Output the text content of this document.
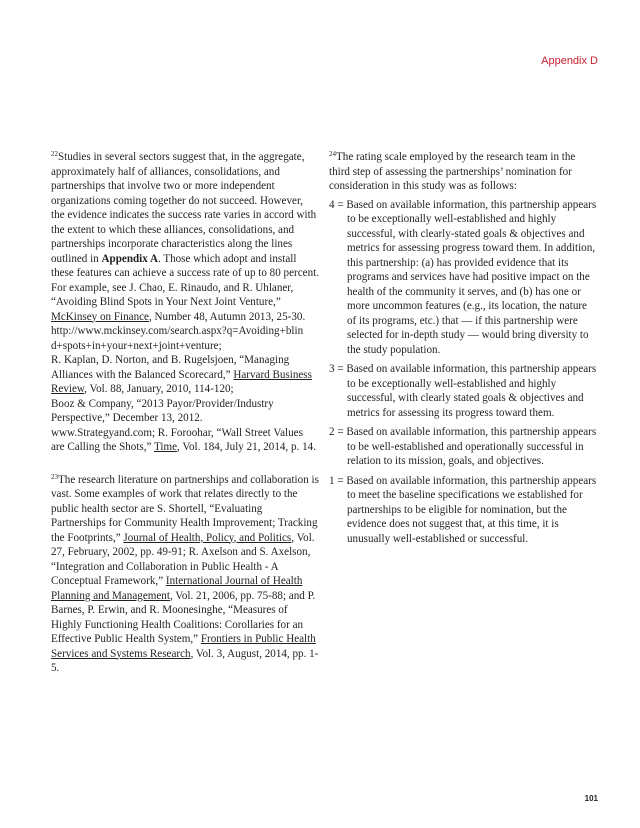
Appendix D

$^{22}$Studies in several sectors suggest that, in the aggregate, approximately half of alliances, consolidations, and partnerships that involve two or more independent organizations coming together do not succeed. However, the evidence indicates the success rate varies in accord with the extent to which these alliances, consolidations, and partnerships incorporate characteristics along the lines outlined in Appendix A. Those which adopt and install these features can achieve a success rate of up to 80 percent. For example, see J. Chao, E. Rinaudo, and R. Uhlaner, “Avoiding Blind Spots in Your Next Joint Venture,” McKinsey on Finance, Number 48, Autumn 2013, 25-30.

http://www.mckinsey.com/search.aspx?q=Avoiding+blin

d+spots+in+your+next+joint+venture;

R. Kaplan, D. Norton, and B. Rugelsjoen, “Managing Alliances with the Balanced Scorecard,” Harvard Business Review, Vol. 88, January, 2010, 114-120;

Booz & Company, “2013 Payor/Provider/Industry Perspective,” December 13, 2012.

www.Strategyand.com; R. Foroohar, “Wall Street Values are Calling the Shots,” Time, Vol. 184, July 21, 2014, p. 14.

$^{23}$The research literature on partnerships and collaboration is vast. Some examples of work that relates directly to the public health sector are S. Shortell, “Evaluating Partnerships for Community Health Improvement; Tracking the Footprints,” Journal of Health, Policy, and Politics, Vol. 27, February, 2002, pp. 49-91; R. Axelson and S. Axelson, “Integration and Collaboration in Public Health - A Conceptual Framework,” International Journal of Health Planning and Management, Vol. 21, 2006, pp. 75-88; and P. Barnes, P. Erwin, and R. Moonesinghe, “Measures of Highly Functioning Health Coalitions: Corollaries for an Effective Public Health System,” Frontiers in Public Health Services and Systems Research, Vol. 3, August, 2014, pp. 1-5.

$^{24}$The rating scale employed by the research team in the third step of assessing the partnerships’ nomination for consideration in this study was as follows:

4 = Based on available information, this partnership appears to be exceptionally well-established and highly successful, with clearly-stated goals & objectives and metrics for assessing progress toward them. In addition, this partnership: (a) has provided evidence that its programs and services have had positive impact on the health of the community it serves, and (b) has one or more uncommon features (e.g., its location, the nature of its programs, etc.) that — if this partnership were selected for in-depth study — would bring diversity to the study population.

3 = Based on available information, this partnership appears to be exceptionally well-established and highly successful, with clearly stated goals & objectives and metrics for assessing its progress toward them.

2 = Based on available information, this partnership appears to be well-established and operationally successful in relation to its mission, goals, and objectives.

1 = Based on available information, this partnership appears to meet the baseline specifications we established for partnerships to be eligible for nomination, but the evidence does not suggest that, at this time, it is unusually well-established or successful.

101
